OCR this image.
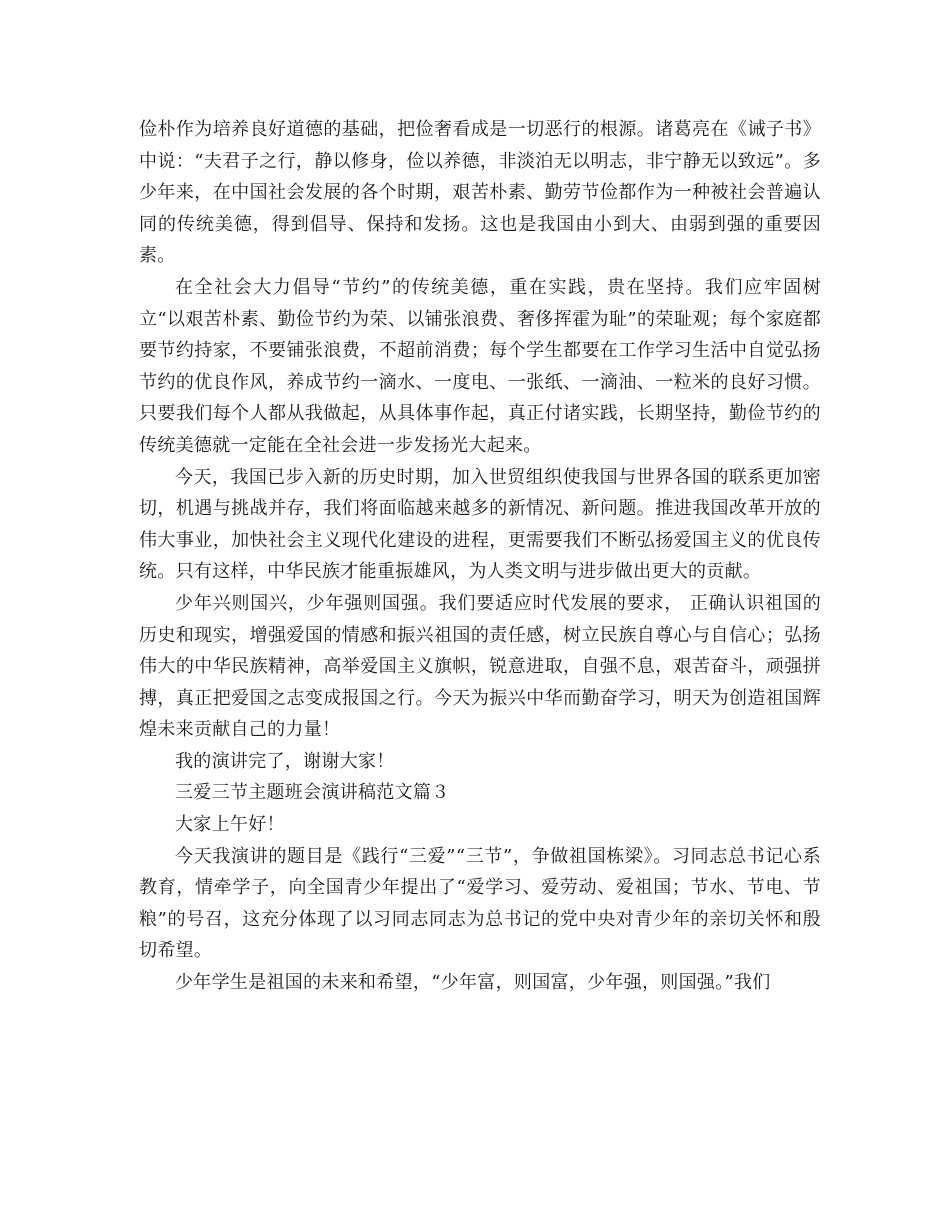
俭朴作为培养良好道德的基础，把俭奢看成是一切恶行的根源。诸葛亮在《诫子书》中说：“夫君子之行，静以修身，俭以养德，非淡泊无以明志，非宁静无以致远”。多少年来，在中国社会发展的各个时期，艰苦朴素、勤劳节俭都作为一种被社会普遍认同的传统美德，得到倡导、保持和发扬。这也是我国由小到大、由弱到强的重要因素。

在全社会大力倡导“节约”的传统美德，重在实践，贵在坚持。我们应牢固树立“以艰苦朴素、勤俭节约为荣、以铺张浪费、奢侈挥霍为耻”的荣耻观；每个家庭都要节约持家，不要铺张浪费，不超前消费；每个学生都要在工作学习生活中自觉弘扬节约的优良作风，养成节约一滴水、一度电、一张纸、一滴油、一粒米的良好习惯。只要我们每个人都从我做起，从具体事作起，真正付诸实践，长期坚持，勤俭节约的传统美德就一定能在全社会进一步发扬光大起来。

今天，我国已步入新的历史时期，加入世贸组织使我国与世界各国的联系更加密切，机遇与挑战并存，我们将面临越来越多的新情况、新问题。推进我国改革开放的伟大事业，加快社会主义现代化建设的进程，更需要我们不断弘扬爱国主义的优良传统。只有这样，中华民族才能重振雄风，为人类文明与进步做出更大的贡献。

少年兴则国兴，少年强则国强。我们要适应时代发展的要求， 正确认识祖国的历史和现实，增强爱国的情感和振兴祖国的责任感，树立民族自尊心与自信心；弘扬伟大的中华民族精神，高举爱国主义旗帜，锐意进取，自强不息，艰苦奋斗，顽强拼搏，真正把爱国之志变成报国之行。今天为振兴中华而勤奋学习，明天为创造祖国辉煌未来贡献自己的力量！

我的演讲完了，谢谢大家！

三爱三节主题班会演讲稿范文篇３

大家上午好！

今天我演讲的题目是《践行“三爱”“三节”，争做祖国栋梁》。习同志总书记心系教育，情牵学子，向全国青少年提出了“爱学习、爱劳动、爱祖国；节水、节电、节粮”的号召，这充分体现了以习同志同志为总书记的党中央对青少年的亲切关怀和殷切希望。

少年学生是祖国的未来和希望，“少年富，则国富，少年强，则国强。”我们
